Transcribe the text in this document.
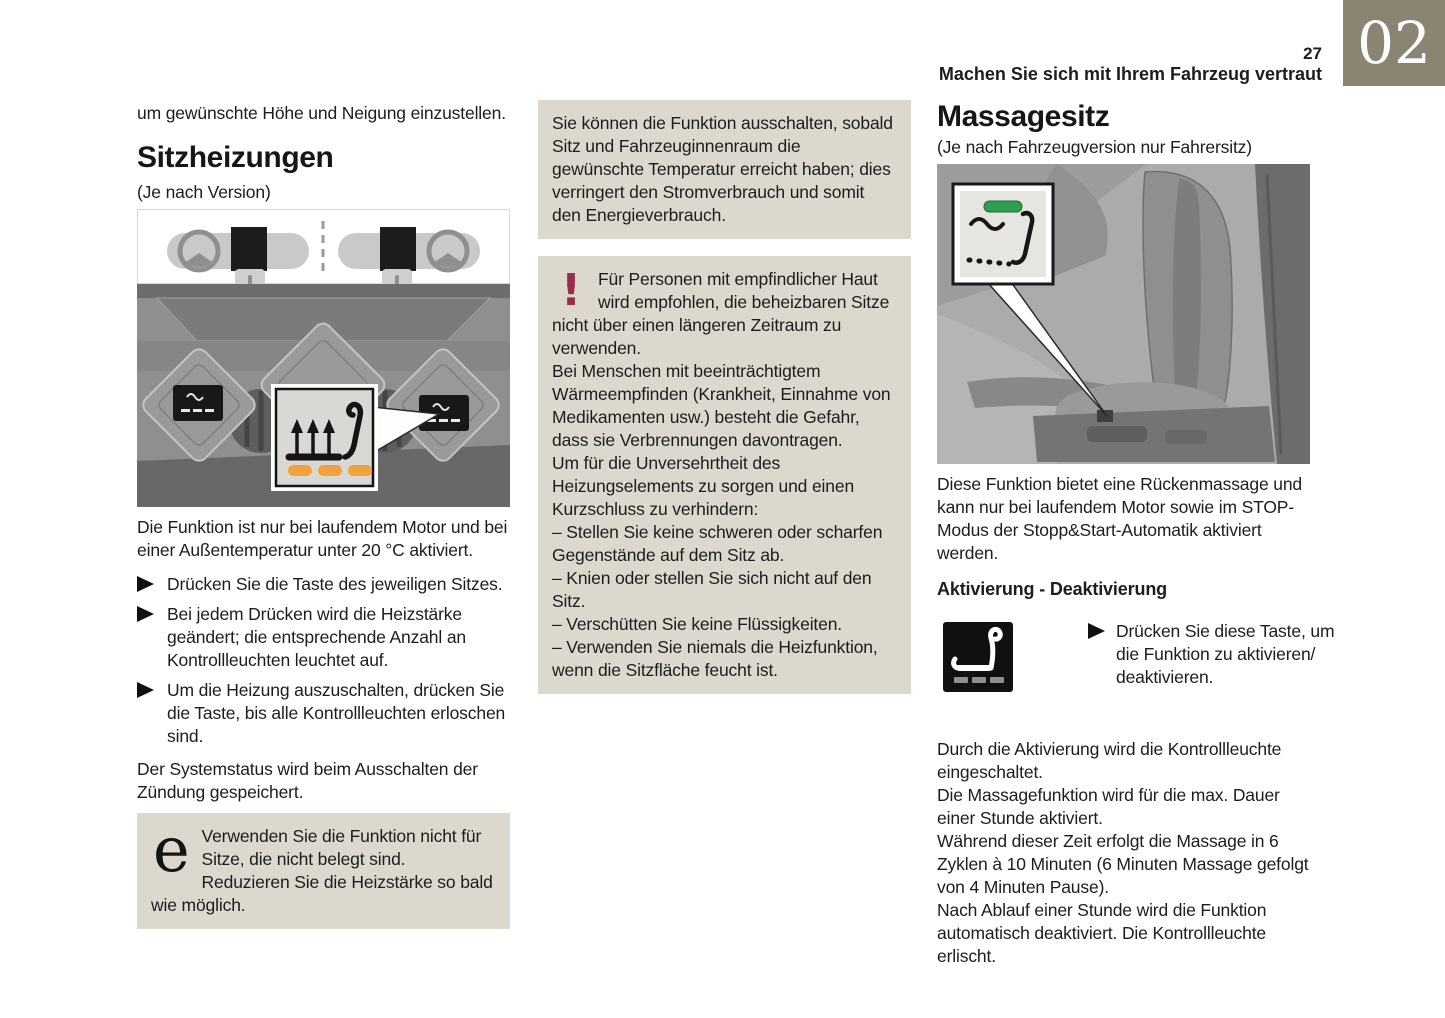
02
27
Machen Sie sich mit Ihrem Fahrzeug vertraut

um gewünschte Höhe und Neigung einzustellen.

Sitzheizungen
(Je nach Version)

Die Funktion ist nur bei laufendem Motor und bei einer Außentemperatur unter 20 °C aktiviert.

Drücken Sie die Taste des jeweiligen Sitzes.
Bei jedem Drücken wird die Heizstärke geändert; die entsprechende Anzahl an Kontrollleuchten leuchtet auf.
Um die Heizung auszuschalten, drücken Sie die Taste, bis alle Kontrollleuchten erloschen sind.

Der Systemstatus wird beim Ausschalten der Zündung gespeichert.

e Verwenden Sie die Funktion nicht für Sitze, die nicht belegt sind.
Reduzieren Sie die Heizstärke so bald wie möglich.
Sie können die Funktion ausschalten, sobald Sitz und Fahrzeuginnenraum die gewünschte Temperatur erreicht haben; dies verringert den Stromverbrauch und somit den Energieverbrauch.
! Für Personen mit empfindlicher Haut wird empfohlen, die beheizbaren Sitze nicht über einen längeren Zeitraum zu verwenden.
Bei Menschen mit beeinträchtigtem Wärmeempfinden (Krankheit, Einnahme von Medikamenten usw.) besteht die Gefahr, dass sie Verbrennungen davontragen.
Um für die Unversehrtheit des Heizungselements zu sorgen und einen Kurzschluss zu verhindern:
– Stellen Sie keine schweren oder scharfen Gegenstände auf dem Sitz ab.
– Knien oder stellen Sie sich nicht auf den Sitz.
– Verschütten Sie keine Flüssigkeiten.
– Verwenden Sie niemals die Heizfunktion, wenn die Sitzfläche feucht ist.
Massagesitz
(Je nach Fahrzeugversion nur Fahrersitz)

Diese Funktion bietet eine Rückenmassage und kann nur bei laufendem Motor sowie im STOP-Modus der Stopp&Start-Automatik aktiviert werden.

Aktivierung - Deaktivierung
Drücken Sie diese Taste, um die Funktion zu aktivieren/ deaktivieren.

Durch die Aktivierung wird die Kontrollleuchte eingeschaltet.

Die Massagefunktion wird für die max. Dauer einer Stunde aktiviert.

Während dieser Zeit erfolgt die Massage in 6 Zyklen à 10 Minuten (6 Minuten Massage gefolgt von 4 Minuten Pause).

Nach Ablauf einer Stunde wird die Funktion automatisch deaktiviert. Die Kontrollleuchte erlischt.
